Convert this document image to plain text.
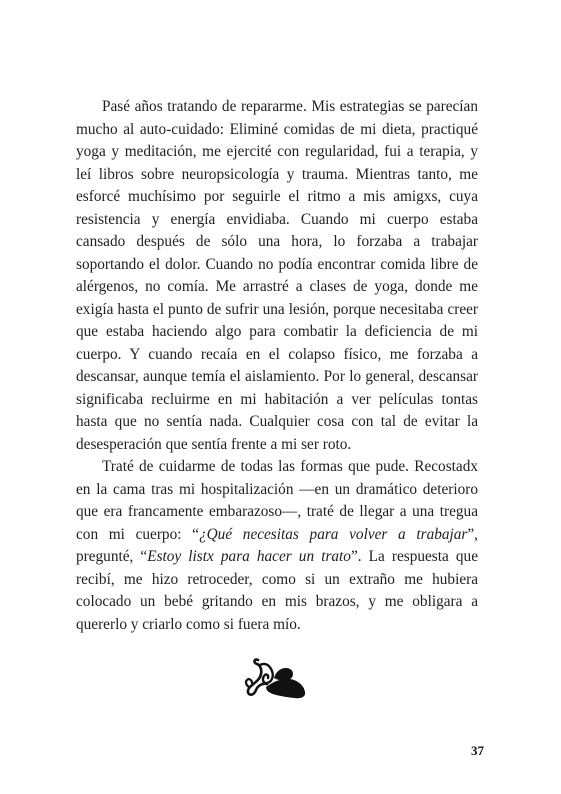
Pasé años tratando de repararme. Mis estrategias se parecían mucho al auto-cuidado: Eliminé comidas de mi dieta, practiqué yoga y meditación, me ejercité con regularidad, fui a terapia, y leí libros sobre neuropsicología y trauma. Mientras tanto, me esforcé muchísimo por seguirle el ritmo a mis amigxs, cuya resistencia y energía envidiaba. Cuando mi cuerpo estaba cansado después de sólo una hora, lo forzaba a trabajar soportando el dolor. Cuando no podía encontrar comida libre de alérgenos, no comía. Me arrastré a clases de yoga, donde me exigía hasta el punto de sufrir una lesión, porque necesitaba creer que estaba haciendo algo para combatir la deficiencia de mi cuerpo. Y cuando recaía en el colapso físico, me forzaba a descansar, aunque temía el aislamiento. Por lo general, descansar significaba recluirme en mi habitación a ver películas tontas hasta que no sentía nada. Cualquier cosa con tal de evitar la desesperación que sentía frente a mi ser roto.

Traté de cuidarme de todas las formas que pude. Recostadx en la cama tras mi hospitalización —en un dramático deterioro que era francamente embarazoso—, traté de llegar a una tregua con mi cuerpo: “¿Qué necesitas para volver a trabajar”, pregunté, “Estoy listx para hacer un trato”. La respuesta que recibí, me hizo retroceder, como si un extraño me hubiera colocado un bebé gritando en mis brazos, y me obligara a quererlo y criarlo como si fuera mío.

37
